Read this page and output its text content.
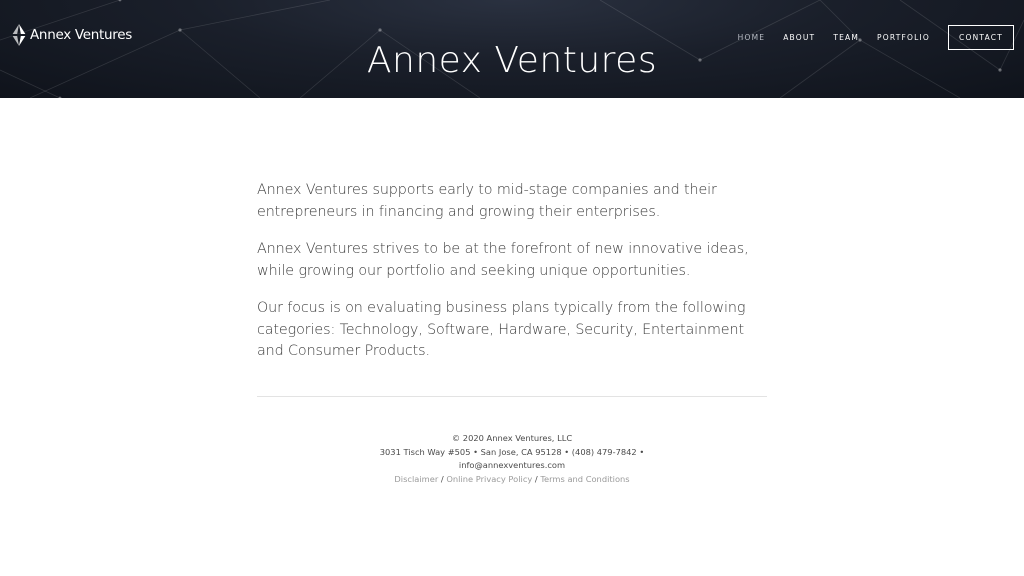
Annex Ventures
Annex Ventures
HOME ABOUT TEAM PORTFOLIO	CONTACT

Annex Ventures supports early to mid-stage companies and their entrepreneurs in financing and growing their enterprises.

Annex Ventures strives to be at the forefront of new innovative ideas, while growing our portfolio and seeking unique opportunities.

Our focus is on evaluating business plans typically from the following categories: Technology, Software, Hardware, Security, Entertainment and Consumer Products.

© 2020 Annex Ventures, LLC
3031 Tisch Way #505 • San Jose, CA 95128 • (408) 479-7842 •
info@annexventures.com
Disclaimer / Online Privacy Policy / Terms and Conditions
